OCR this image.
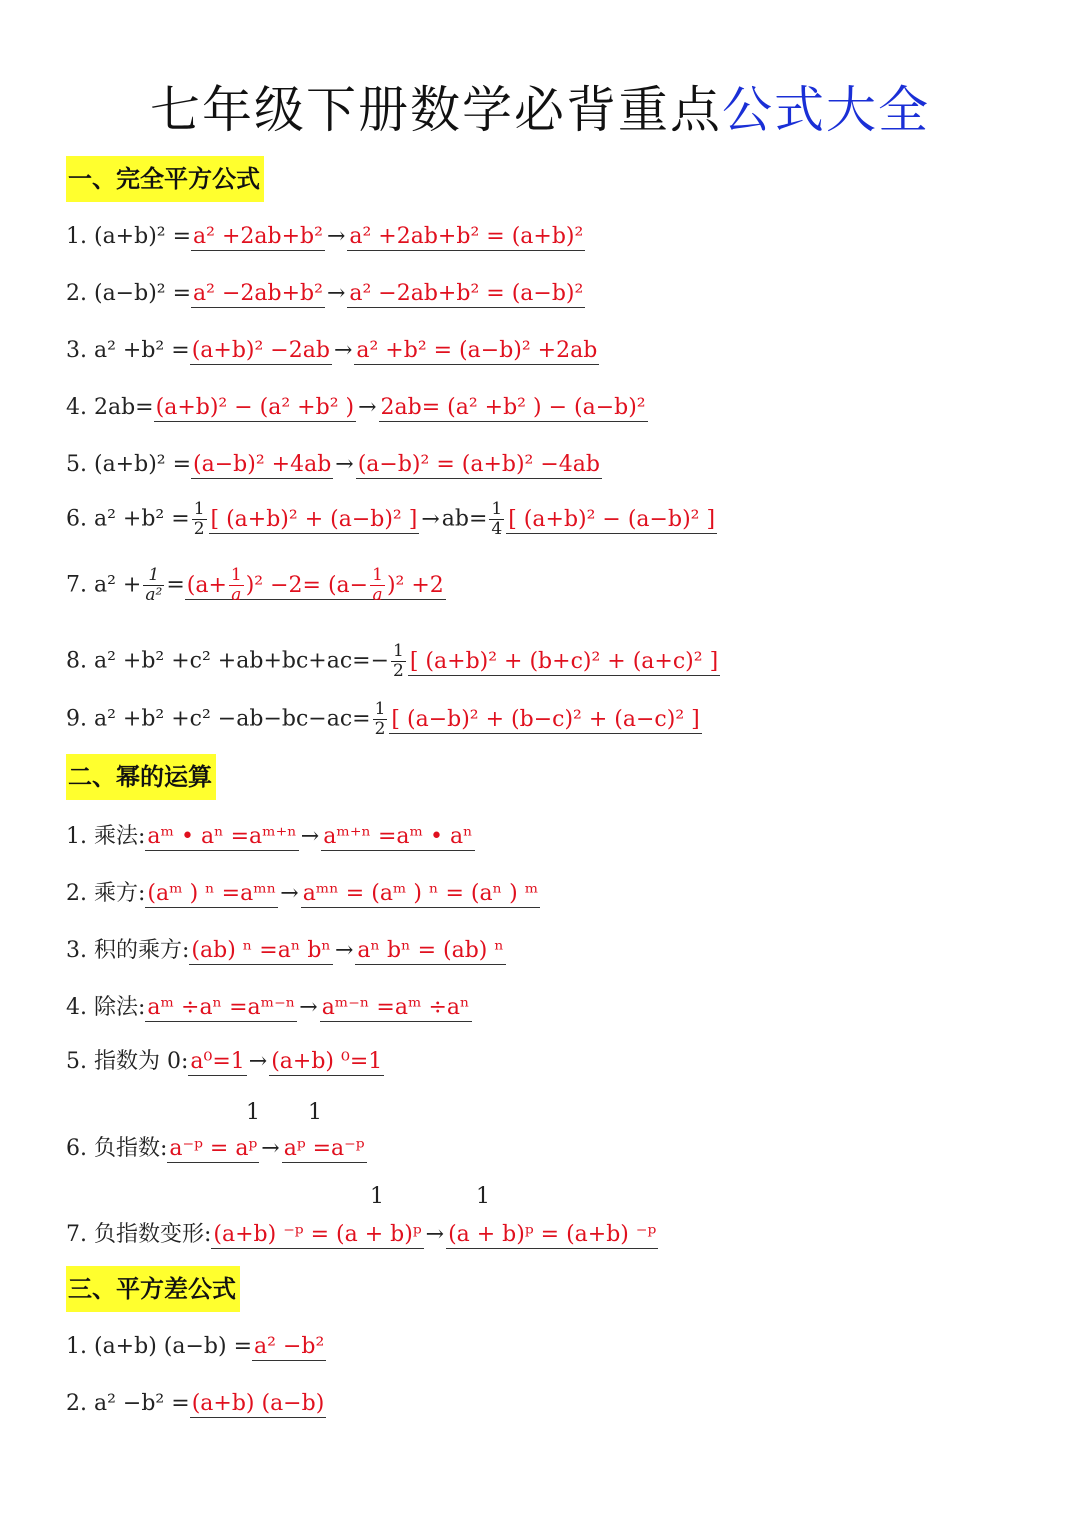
七年级下册数学必背重点公式大全
一、完全平方公式
1. (a+b)² =a² +2ab+b² → a² +2ab+b² = (a+b)²
2. (a−b)² =a² −2ab+b² → a² −2ab+b² = (a−b)²
3. a² +b² =(a+b)² −2ab → a² +b² = (a−b)² +2ab
4. 2ab=(a+b)² − (a² +b² ) → 2ab= (a² +b² ) − (a−b)²
5. (a+b)² =(a−b)² +4ab → (a−b)² = (a+b)² −4ab
6. $a^2 +b^2 = \frac{1}{2}$ [ (a+b)² + (a−b)² ] $\to ab= \frac{1}{4}$ [ (a+b)² − (a−b)² ]
7. $a^2 + \frac{1}{\text{a²}} =(a+ \frac{1}{a} )^2 -2= (a- \frac{1}{a} )^2 +2$
8. $a^2 +b^2 +c^2 +ab+bc+ac=- \frac{1}{2}$ [ (a+b)² + (b+c)² + (a+c)² ]
9. $a^2 +b^2 +c^2 -ab-bc-ac= \frac{1}{2}$ [ (a−b)² + (b−c)² + (a−c)² ]
二、幂的运算
1. 乘法:aᵐ • aⁿ =aᵐ⁺ⁿ → aᵐ⁺ⁿ =aᵐ • aⁿ
2. 乘方:(aᵐ ) ⁿ =aᵐⁿ → aᵐⁿ = (aᵐ ) ⁿ = (aⁿ ) ᵐ
3. 积的乘方:(ab) ⁿ =aⁿ bⁿ → aⁿ bⁿ = (ab) ⁿ
4. 除法:aᵐ ÷aⁿ =aᵐ⁻ⁿ → aᵐ⁻ⁿ =aᵐ ÷aⁿ
5. 指数为 0:a⁰=1 → (a+b) ⁰=1
1 1
6. 负指数:a⁻ᵖ = aᵖ → aᵖ =a⁻ᵖ
1	1
7. 负指数变形:(a+b) ⁻ᵖ = (a + b)ᵖ → (a + b)ᵖ = (a+b) ⁻ᵖ
三、平方差公式
1. (a+b) (a−b) =a² −b²
2. a² −b² =(a+b) (a−b)
